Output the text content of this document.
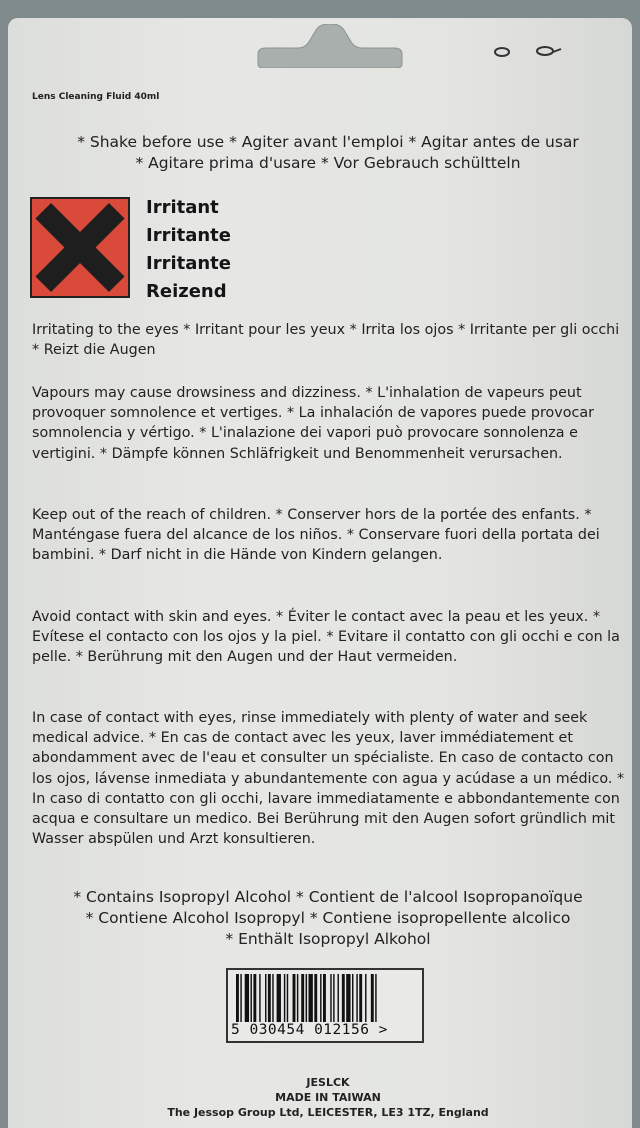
Lens Cleaning Fluid 40ml
* Shake before use * Agiter avant l'emploi * Agitar antes de usar
* Agitare prima d'usare * Vor Gebrauch schültteln
Irritant
Irritante
Irritante
Reizend

Irritating to the eyes * Irritant pour les yeux * Irrita los ojos * Irritante per gli occhi * Reizt die Augen

Vapours may cause drowsiness and dizziness. * L'inhalation de vapeurs peut provoquer somnolence et vertiges. * La inhalación de vapores puede provocar somnolencia y vértigo. * L'inalazione dei vapori può provocare sonnolenza e vertigini. * Dämpfe können Schläfrigkeit und Benommenheit verursachen.

Keep out of the reach of children. * Conserver hors de la portée des enfants. * Manténgase fuera del alcance de los niños. * Conservare fuori della portata dei bambini. * Darf nicht in die Hände von Kindern gelangen.

Avoid contact with skin and eyes. * Éviter le contact avec la peau et les yeux. * Evítese el contacto con los ojos y la piel. * Evitare il contatto con gli occhi e con la pelle. * Berührung mit den Augen und der Haut vermeiden.

In case of contact with eyes, rinse immediately with plenty of water and seek medical advice. * En cas de contact avec les yeux, laver immédiatement et abondamment avec de l'eau et consulter un spécialiste. En caso de contacto con los ojos, lávense inmediata y abundantemente con agua y acúdase a un médico. * In caso di contatto con gli occhi, lavare immediatamente e abbondantemente con acqua e consultare un medico. Bei Berührung mit den Augen sofort gründlich mit Wasser abspülen und Arzt konsultieren.

* Contains Isopropyl Alcohol * Contient de l'alcool Isopropanoïque
* Contiene Alcohol Isopropyl * Contiene isopropellente alcolico
* Enthält Isopropyl Alkohol
5 030454 012156 >
JESLCK
MADE IN TAIWAN
The Jessop Group Ltd, LEICESTER, LE3 1TZ, England
